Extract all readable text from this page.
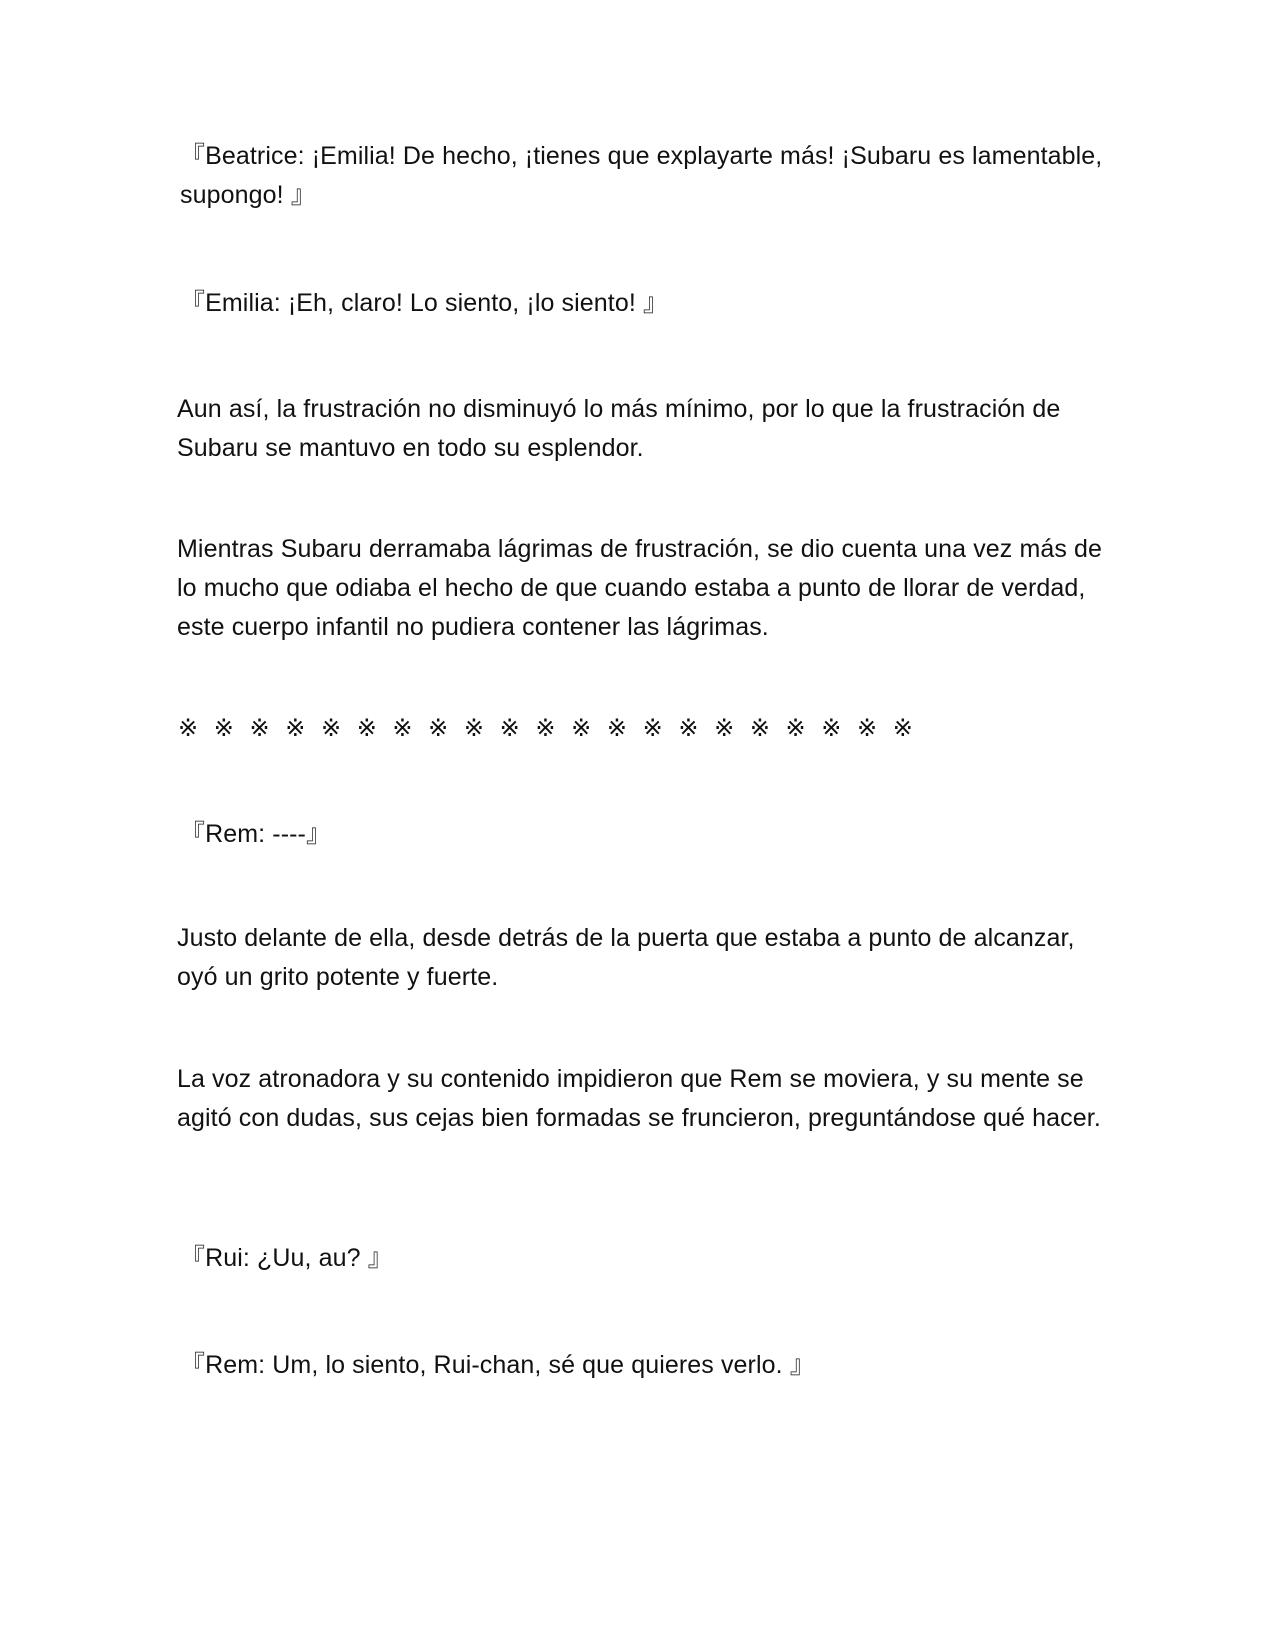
『Beatrice: ¡Emilia! De hecho, ¡tienes que explayarte más! ¡Subaru es lamentable, supongo! 』

『Emilia: ¡Eh, claro! Lo siento, ¡lo siento! 』

Aun así, la frustración no disminuyó lo más mínimo, por lo que la frustración de Subaru se mantuvo en todo su esplendor.

Mientras Subaru derramaba lágrimas de frustración, se dio cuenta una vez más de lo mucho que odiaba el hecho de que cuando estaba a punto de llorar de verdad, este cuerpo infantil no pudiera contener las lágrimas.

※ ※ ※ ※ ※ ※ ※ ※ ※ ※ ※ ※ ※ ※ ※ ※ ※ ※ ※ ※ ※

『Rem: ----』

Justo delante de ella, desde detrás de la puerta que estaba a punto de alcanzar, oyó un grito potente y fuerte.

La voz atronadora y su contenido impidieron que Rem se moviera, y su mente se agitó con dudas, sus cejas bien formadas se fruncieron, preguntándose qué hacer.

『Rui: ¿Uu, au? 』

『Rem: Um, lo siento, Rui-chan, sé que quieres verlo. 』
